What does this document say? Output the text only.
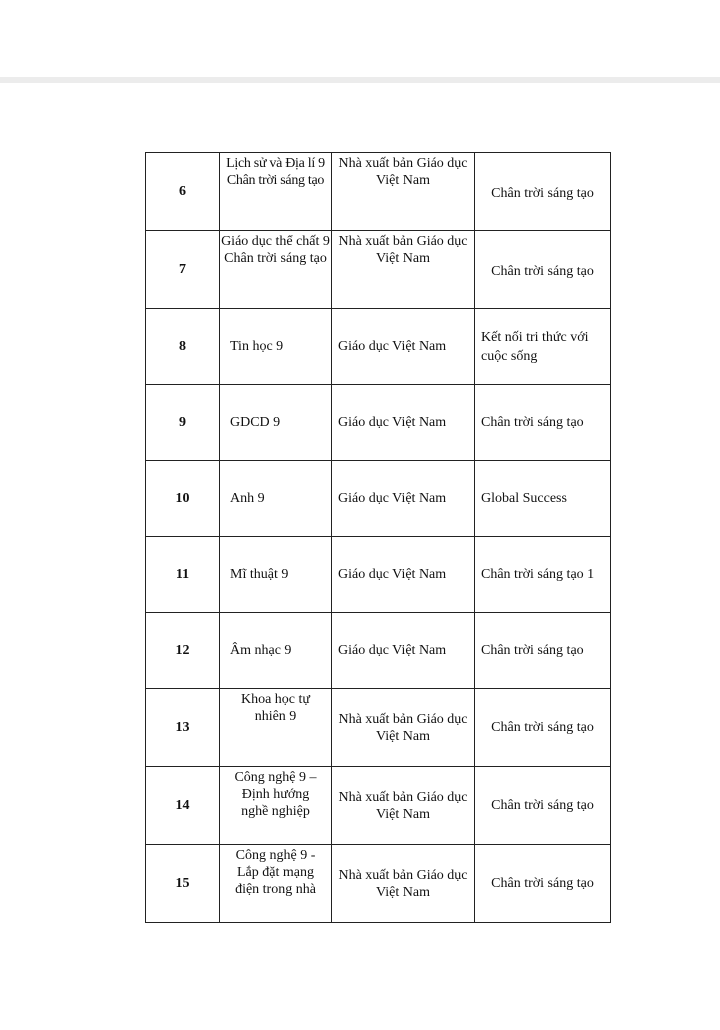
6	Lịch sử và Địa lí 9 Chân trời sáng tạo	Nhà xuất bản Giáo dục Việt Nam	Chân trời sáng tạo
7	Giáo dục thể chất 9 Chân trời sáng tạo	Nhà xuất bản Giáo dục Việt Nam	Chân trời sáng tạo
8	Tin học 9	Giáo dục Việt Nam	Kết nối tri thức với cuộc sống
9	GDCD 9	Giáo dục Việt Nam	Chân trời sáng tạo
10	Anh 9	Giáo dục Việt Nam	Global Success
11	Mĩ thuật 9	Giáo dục Việt Nam	Chân trời sáng tạo 1
12	Âm nhạc 9	Giáo dục Việt Nam	Chân trời sáng tạo
13	Khoa học tự nhiên 9	Nhà xuất bản Giáo dục Việt Nam	Chân trời sáng tạo
14	Công nghệ 9 – Định hướng nghề nghiệp	Nhà xuất bản Giáo dục Việt Nam	Chân trời sáng tạo
15	Công nghệ 9 - Lắp đặt mạng điện trong nhà	Nhà xuất bản Giáo dục Việt Nam	Chân trời sáng tạo
